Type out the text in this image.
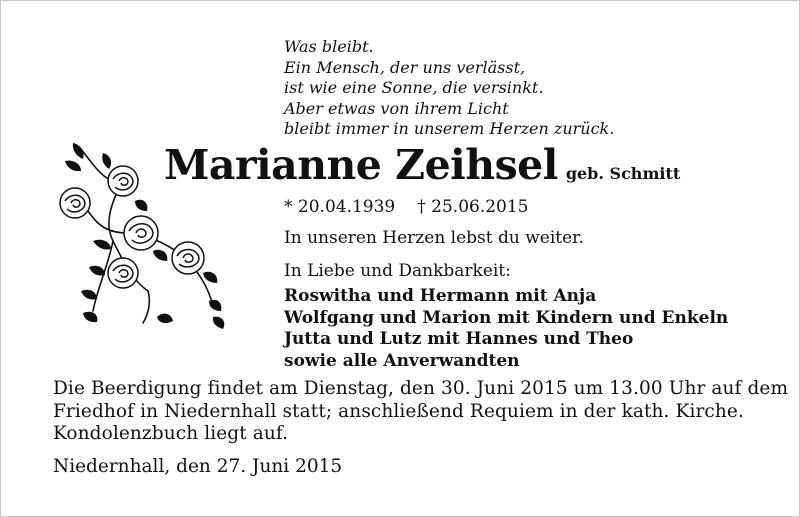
Was bleibt.
Ein Mensch, der uns verlässt,
ist wie eine Sonne, die versinkt.
Aber etwas von ihrem Licht
bleibt immer in unserem Herzen zurück.
Marianne Zeihsel geb. Schmitt
* 20.04.1939 † 25.06.2015
In unseren Herzen lebst du weiter.
In Liebe und Dankbarkeit:
Roswitha und Hermann mit Anja
Wolfgang und Marion mit Kindern und Enkeln
Jutta und Lutz mit Hannes und Theo
sowie alle Anverwandten
Die Beerdigung findet am Dienstag, den 30. Juni 2015 um 13.00 Uhr auf dem
Friedhof in Niedernhall statt; anschließend Requiem in der kath. Kirche.
Kondolenzbuch liegt auf.
Niedernhall, den 27. Juni 2015
